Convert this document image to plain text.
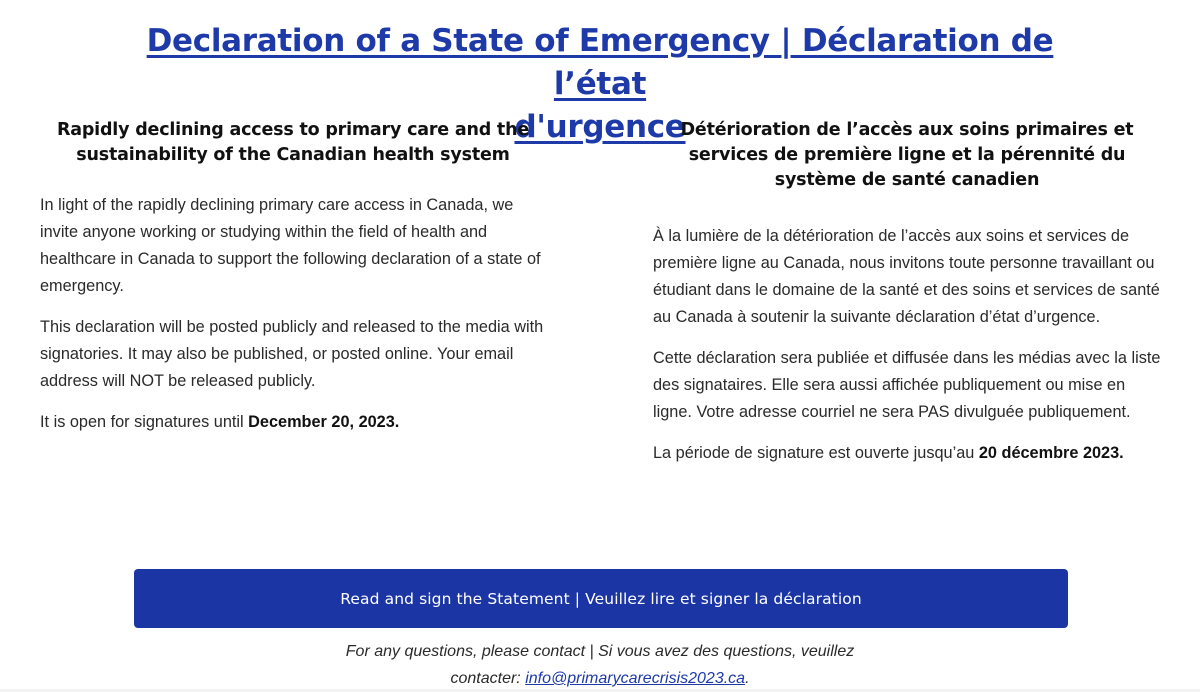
Declaration of a State of Emergency | Déclaration de l’état
d'urgence
Rapidly declining access to primary care and the sustainability of the Canadian health system

In light of the rapidly declining primary care access in Canada, we invite anyone working or studying within the field of health and healthcare in Canada to support the following declaration of a state of emergency.

This declaration will be posted publicly and released to the media with signatories. It may also be published, or posted online. Your email address will NOT be released publicly.

It is open for signatures until December 20, 2023.

Détérioration de l’accès aux soins primaires et services de première ligne et la pérennité du système de santé canadien

À la lumière de la détérioration de l’accès aux soins et services de première ligne au Canada, nous invitons toute personne travaillant ou étudiant dans le domaine de la santé et des soins et services de santé au Canada à soutenir la suivante déclaration d’état d’urgence.

Cette déclaration sera publiée et diffusée dans les médias avec la liste des signataires. Elle sera aussi affichée publiquement ou mise en ligne. Votre adresse courriel ne sera PAS divulguée publiquement.

La période de signature est ouverte jusqu’au 20 décembre 2023.

Read and sign the Statement | Veuillez lire et signer la déclaration
For any questions, please contact | Si vous avez des questions, veuillez
contacter: info@primarycarecrisis2023.ca.
